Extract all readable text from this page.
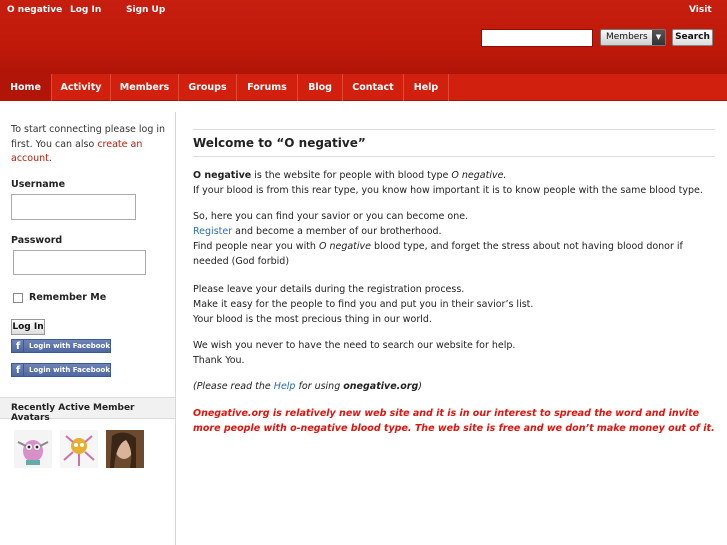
O negative Log In	Sign Up	Visit
Members	▼	Search
Home	Activity	Members	Groups	Forums	Blog	Contact	Help
To start connecting please log in first. You can also create an account.
Username
Password
Remember Me
Log In
f	Login with Facebook
f	Login with Facebook
Recently Active Member Avatars
Welcome to “O negative”
O negative is the website for people with blood type O negative.
If your blood is from this rear type, you know how important it is to know people with the same blood type.
So, here you can find your savior or you can become one.
Register and become a member of our brotherhood.
Find people near you with O negative blood type, and forget the stress about not having blood donor if needed (God forbid)
Please leave your details during the registration process.
Make it easy for the people to find you and put you in their savior’s list.
Your blood is the most precious thing in our world.
We wish you never to have the need to search our website for help.
Thank You.
(Please read the Help for using onegative.org)
Onegative.org is relatively new web site and it is in our interest to spread the word and invite more people with o-negative blood type. The web site is free and we don’t make money out of it.
